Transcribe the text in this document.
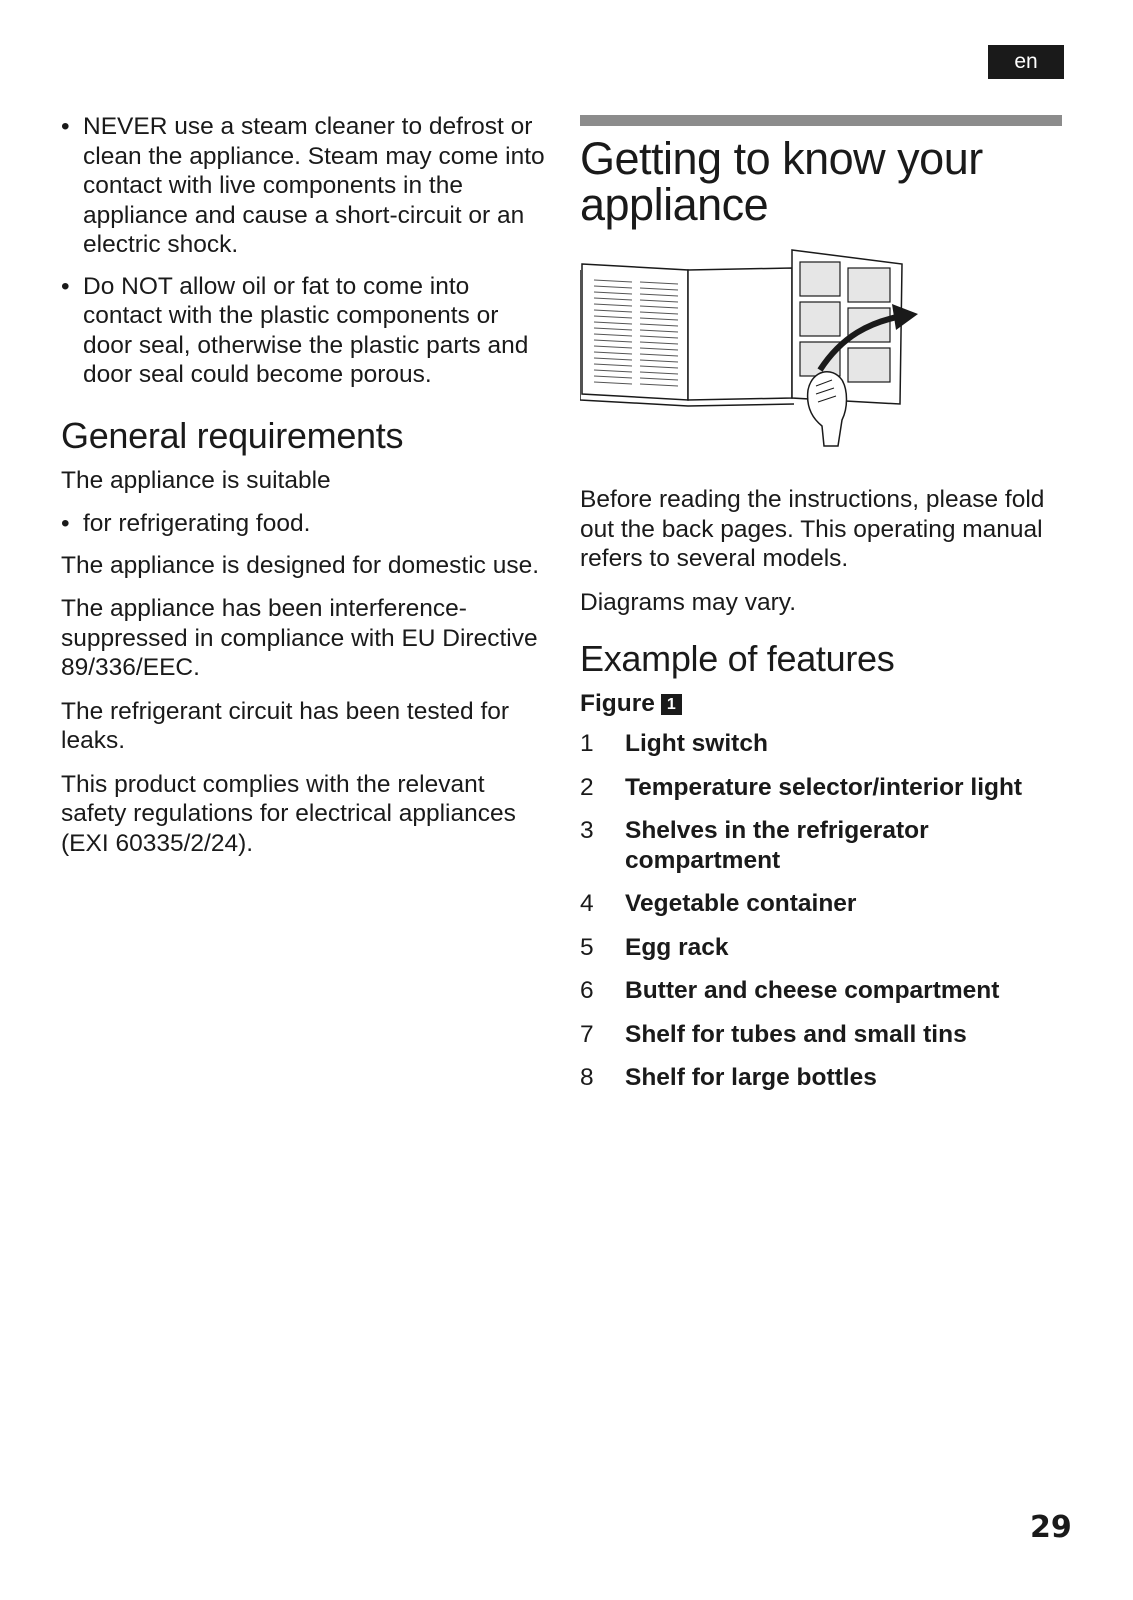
en
• NEVER use a steam cleaner to defrost or clean the appliance. Steam may come into contact with live components in the appliance and cause a short-circuit or an electric shock.
• Do NOT allow oil or fat to come into contact with the plastic components or door seal, otherwise the plastic parts and door seal could become porous.
General requirements

The appliance is suitable

• for refrigerating food.

The appliance is designed for domestic use.

The appliance has been interference-suppressed in compliance with EU Directive 89/336/EEC.

The refrigerant circuit has been tested for leaks.

This product complies with the relevant safety regulations for electrical appliances (EXI 60335/2/24).

Getting to know your appliance

Before reading the instructions, please fold out the back pages. This operating manual refers to several models.

Diagrams may vary.

Example of features
Figure 1
1 Light switch
2 Temperature selector/interior light
3 Shelves in the refrigerator compartment
4 Vegetable container
5 Egg rack
6 Butter and cheese compartment
7 Shelf for tubes and small tins
8 Shelf for large bottles
29
